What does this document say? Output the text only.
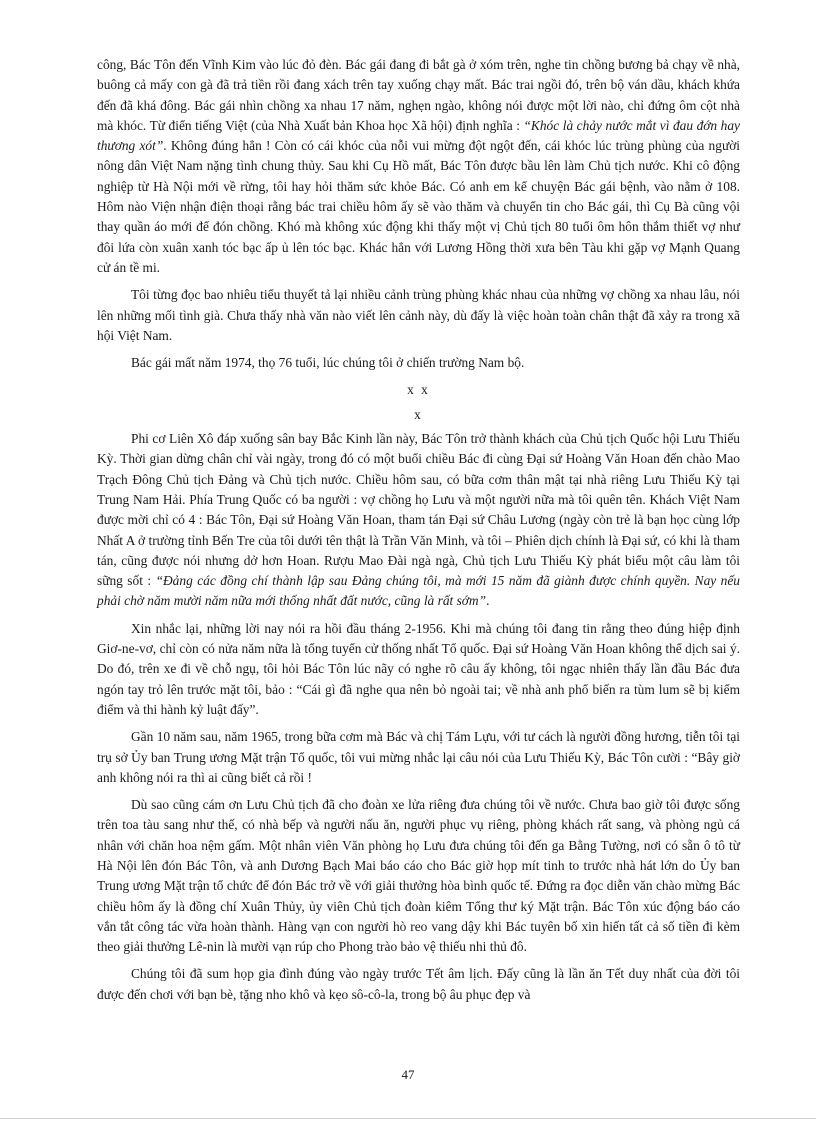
công, Bác Tôn đến Vĩnh Kim vào lúc đỏ đèn. Bác gái đang đi bắt gà ở xóm trên, nghe tin chồng bương bả chạy về nhà, buông cả mấy con gà đã trả tiền rồi đang xách trên tay xuống chạy mất. Bác trai ngồi đó, trên bộ ván dầu, khách khứa đến đã khá đông. Bác gái nhìn chồng xa nhau 17 năm, nghẹn ngào, không nói được một lời nào, chỉ đứng ôm cột nhà mà khóc. Từ điển tiếng Việt (của Nhà Xuất bản Khoa học Xã hội) định nghĩa : “Khóc là chảy nước mắt vì đau đớn hay thương xót”. Không đúng hẳn ! Còn có cái khóc của nỗi vui mừng đột ngột đến, cái khóc lúc trùng phùng của người nông dân Việt Nam nặng tình chung thủy. Sau khi Cụ Hồ mất, Bác Tôn được bầu lên làm Chủ tịch nước. Khi cô động nghiệp từ Hà Nội mới về rừng, tôi hay hỏi thăm sức khỏe Bác. Có anh em kể chuyện Bác gái bệnh, vào nằm ở 108. Hôm nào Viện nhận điện thoại rằng bác trai chiều hôm ấy sẽ vào thăm và chuyển tin cho Bác gái, thì Cụ Bà cũng vội thay quần áo mới để đón chồng. Khó mà không xúc động khi thấy một vị Chủ tịch 80 tuổi ôm hôn thắm thiết vợ như đôi lứa còn xuân xanh tóc bạc ấp ủ lên tóc bạc. Khác hẳn với Lương Hồng thời xưa bên Tàu khi gặp vợ Mạnh Quang cử án tề mi.

Tôi từng đọc bao nhiêu tiểu thuyết tả lại nhiều cảnh trùng phùng khác nhau của những vợ chồng xa nhau lâu, nói lên những mối tình già. Chưa thấy nhà văn nào viết lên cảnh này, dù đấy là việc hoàn toàn chân thật đã xảy ra trong xã hội Việt Nam.

Bác gái mất năm 1974, thọ 76 tuổi, lúc chúng tôi ở chiến trường Nam bộ.

x x
x

Phi cơ Liên Xô đáp xuống sân bay Bắc Kinh lần này, Bác Tôn trở thành khách của Chủ tịch Quốc hội Lưu Thiếu Kỳ. Thời gian dừng chân chỉ vài ngày, trong đó có một buổi chiều Bác đi cùng Đại sứ Hoàng Văn Hoan đến chào Mao Trạch Đông Chủ tịch Đảng và Chủ tịch nước. Chiều hôm sau, có bữa cơm thân mật tại nhà riêng Lưu Thiếu Kỳ tại Trung Nam Hải. Phía Trung Quốc có ba người : vợ chồng họ Lưu và một người nữa mà tôi quên tên. Khách Việt Nam được mời chỉ có 4 : Bác Tôn, Đại sứ Hoàng Văn Hoan, tham tán Đại sứ Châu Lương (ngày còn trẻ là bạn học cùng lớp Nhất A ở trường tỉnh Bến Tre của tôi dưới tên thật là Trần Văn Minh, và tôi – Phiên dịch chính là Đại sứ, có khi là tham tán, cũng được nói nhưng dở hơn Hoan. Rượu Mao Đài ngà ngà, Chủ tịch Lưu Thiếu Kỳ phát biểu một câu làm tôi sững sốt : “Đảng các đồng chí thành lập sau Đảng chúng tôi, mà mới 15 năm đã giành được chính quyền. Nay nếu phải chờ năm mười năm nữa mới thống nhất đất nước, cũng là rất sớm”.

Xin nhắc lại, những lời nay nói ra hồi đầu tháng 2-1956. Khi mà chúng tôi đang tin rằng theo đúng hiệp định Giơ-ne-vơ, chỉ còn có nửa năm nữa là tổng tuyển cử thống nhất Tổ quốc. Đại sứ Hoàng Văn Hoan không thể dịch sai ý. Do đó, trên xe đi về chỗ ngụ, tôi hỏi Bác Tôn lúc nãy có nghe rõ câu ấy không, tôi ngạc nhiên thấy lần đầu Bác đưa ngón tay trỏ lên trước mặt tôi, bảo : “Cái gì đã nghe qua nên bỏ ngoài tai; về nhà anh phổ biến ra tùm lum sẽ bị kiểm điểm và thi hành kỷ luật đấy”.

Gần 10 năm sau, năm 1965, trong bữa cơm mà Bác và chị Tám Lựu, với tư cách là người đồng hương, tiễn tôi tại trụ sở Ủy ban Trung ương Mặt trận Tổ quốc, tôi vui mừng nhắc lại câu nói của Lưu Thiếu Kỳ, Bác Tôn cười : “Bây giờ anh không nói ra thì ai cũng biết cả rồi !

Dù sao cũng cám ơn Lưu Chủ tịch đã cho đoàn xe lửa riêng đưa chúng tôi về nước. Chưa bao giờ tôi được sống trên toa tàu sang như thế, có nhà bếp và người nấu ăn, người phục vụ riêng, phòng khách rất sang, và phòng ngủ cá nhân với chăn hoa nệm gấm. Một nhân viên Văn phòng họ Lưu đưa chúng tôi đến ga Bằng Tường, nơi có sẵn ô tô từ Hà Nội lên đón Bác Tôn, và anh Dương Bạch Mai báo cáo cho Bác giờ họp mít tinh to trước nhà hát lớn do Ủy ban Trung ương Mặt trận tổ chức để đón Bác trở về với giải thưởng hòa bình quốc tế. Đứng ra đọc diễn văn chào mừng Bác chiều hôm ấy là đồng chí Xuân Thủy, ủy viên Chủ tịch đoàn kiêm Tổng thư ký Mặt trận. Bác Tôn xúc động báo cáo vắn tắt công tác vừa hoàn thành. Hàng vạn con người hò reo vang dậy khi Bác tuyên bố xin hiến tất cả số tiền đi kèm theo giải thưởng Lê-nin là mười vạn rúp cho Phong trào bảo vệ thiếu nhi thủ đô.

Chúng tôi đã sum họp gia đình đúng vào ngày trước Tết âm lịch. Đấy cũng là lần ăn Tết duy nhất của đời tôi được đến chơi với bạn bè, tặng nho khô và kẹo sô-cô-la, trong bộ âu phục đẹp và

47
